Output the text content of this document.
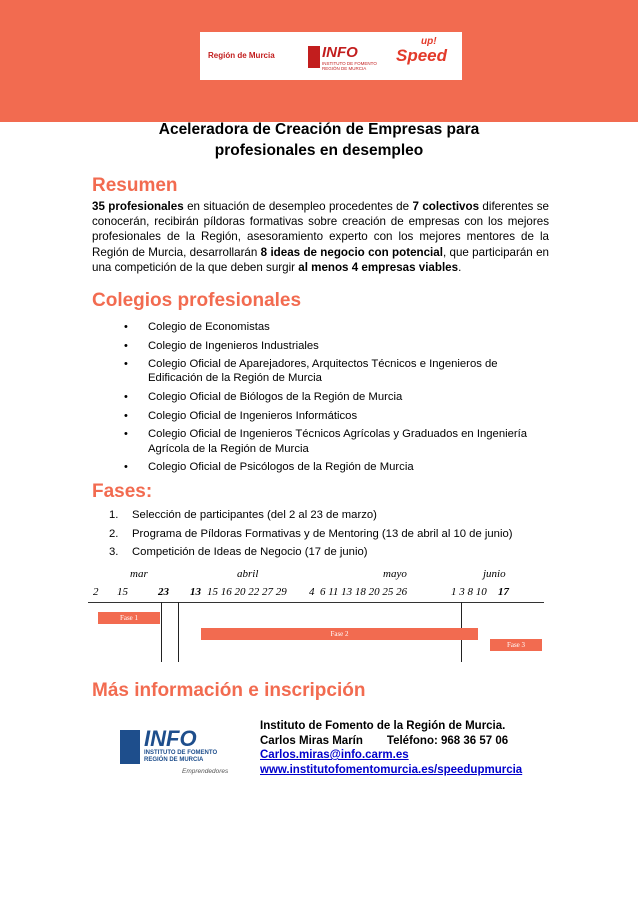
Región de Murcia	INFO
INSTITUTO DE FOMENTO REGIÓN DE MURCIA
up!
Speed
Aceleradora de Creación de Empresas para
profesionales en desempleo
Resumen
35 profesionales en situación de desempleo procedentes de 7 colectivos diferentes se conocerán, recibirán píldoras formativas sobre creación de empresas con los mejores profesionales de la Región, asesoramiento experto con los mejores mentores de la Región de Murcia, desarrollarán 8 ideas de negocio con potencial, que participarán en una competición de la que deben surgir al menos 4 empresas viables.
Colegios profesionales
• Colegio de Economistas
• Colegio de Ingenieros Industriales
• Colegio Oficial de Aparejadores, Arquitectos Técnicos e Ingenieros de Edificación de la Región de Murcia
• Colegio Oficial de Biólogos de la Región de Murcia
• Colegio Oficial de Ingenieros Informáticos
• Colegio Oficial de Ingenieros Técnicos Agrícolas y Graduados en Ingeniería Agrícola de la Región de Murcia
• Colegio Oficial de Psicólogos de la Región de Murcia
Fases:
1. Selección de participantes (del 2 al 23 de marzo)
2. Programa de Píldoras Formativas y de Mentoring (13 de abril al 10 de junio)
3. Competición de Ideas de Negocio (17 de junio)
mar	abril	mayo	junio
2 15	23 13 15 16 20 22 27 29 4  6 11 13 18 20 25 26	1 3 8 10 17
Fase 1
Fase 2
Fase 3
Más información e inscripción
INFO
INSTITUTO DE FOMENTO REGIÓN DE MURCIA
Emprendedores
Instituto de Fomento de la Región de Murcia.
Carlos Miras Marín Teléfono: 968 36 57 06
Carlos.miras@info.carm.es
www.institutofomentomurcia.es/speedupmurcia
